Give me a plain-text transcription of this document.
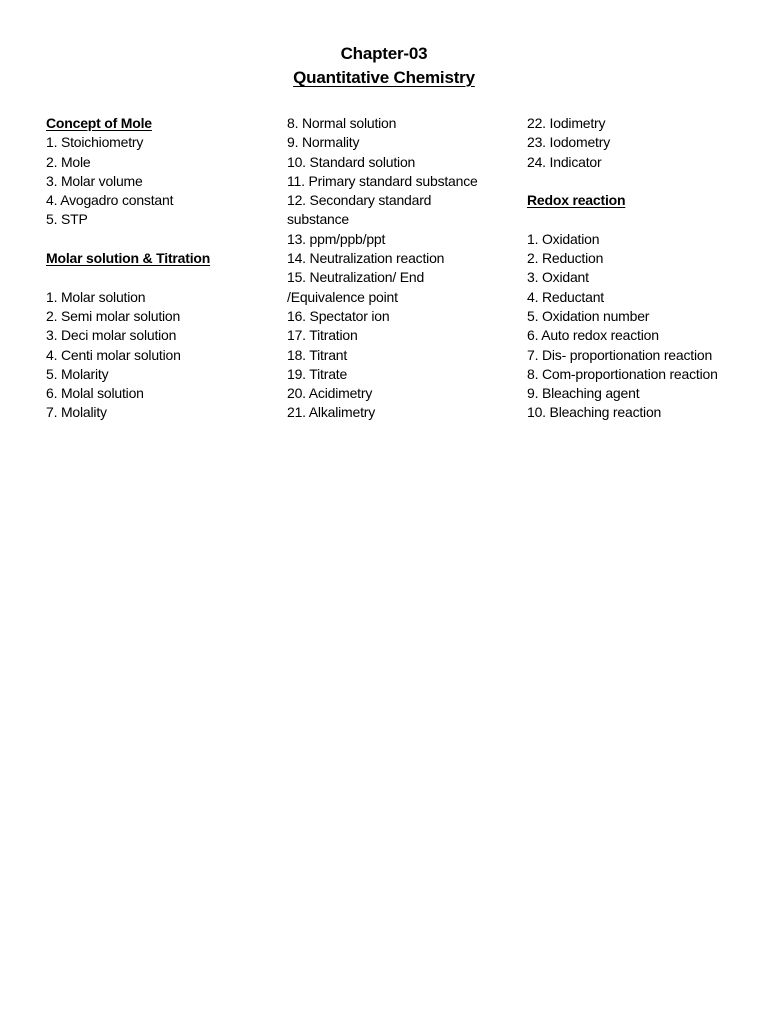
Chapter-03
Quantitative Chemistry
Concept of Mole
1. Stoichiometry
2. Mole
3. Molar volume
4. Avogadro constant
5. STP
Molar solution & Titration
1. Molar solution
2. Semi molar solution
3. Deci molar solution
4. Centi molar solution
5. Molarity
6. Molal solution
7. Molality
8. Normal solution
9. Normality
10. Standard solution
11. Primary standard substance
12. Secondary standard
substance
13. ppm/ppb/ppt
14. Neutralization reaction
15. Neutralization/ End
/Equivalence point
16. Spectator ion
17. Titration
18. Titrant
19. Titrate
20. Acidimetry
21. Alkalimetry
22. Iodimetry
23. Iodometry
24. Indicator
Redox reaction
1. Oxidation
2. Reduction
3. Oxidant
4. Reductant
5. Oxidation number
6. Auto redox reaction
7. Dis- proportionation reaction
8. Com-proportionation reaction
9. Bleaching agent
10. Bleaching reaction
